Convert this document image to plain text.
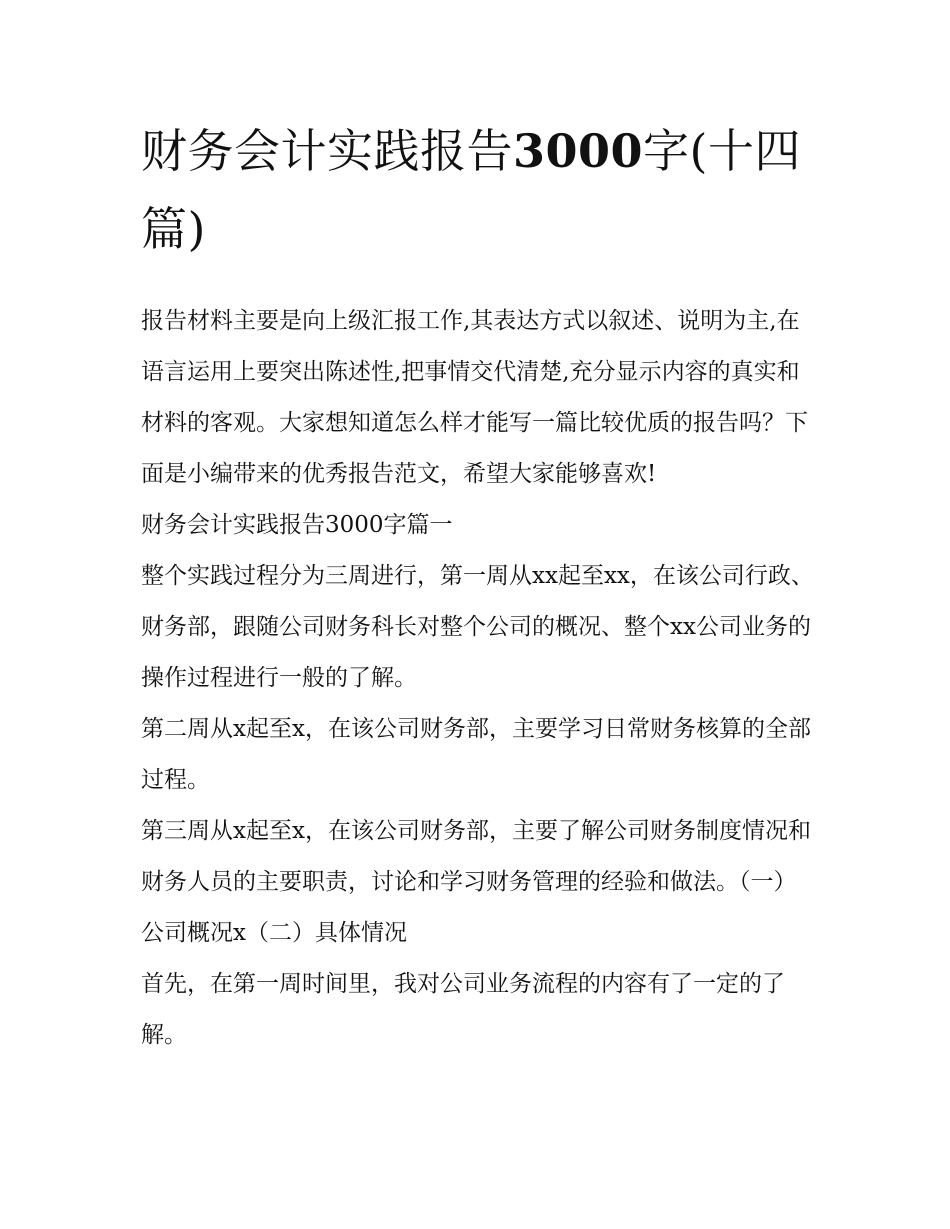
财务会计实践报告3000字(十四篇)

报告材料主要是向上级汇报工作,其表达方式以叙述、说明为主,在语言运用上要突出陈述性,把事情交代清楚,充分显示内容的真实和材料的客观。大家想知道怎么样才能写一篇比较优质的报告吗？下面是小编带来的优秀报告范文，希望大家能够喜欢!

财务会计实践报告3000字篇一

整个实践过程分为三周进行，第一周从xx起至xx，在该公司行政、财务部，跟随公司财务科长对整个公司的概况、整个xx公司业务的操作过程进行一般的了解。

第二周从x起至x，在该公司财务部，主要学习日常财务核算的全部过程。

第三周从x起至x，在该公司财务部，主要了解公司财务制度情况和财务人员的主要职责，讨论和学习财务管理的经验和做法。（一）公司概况x（二）具体情况

首先，在第一周时间里，我对公司业务流程的内容有了一定的了解。
